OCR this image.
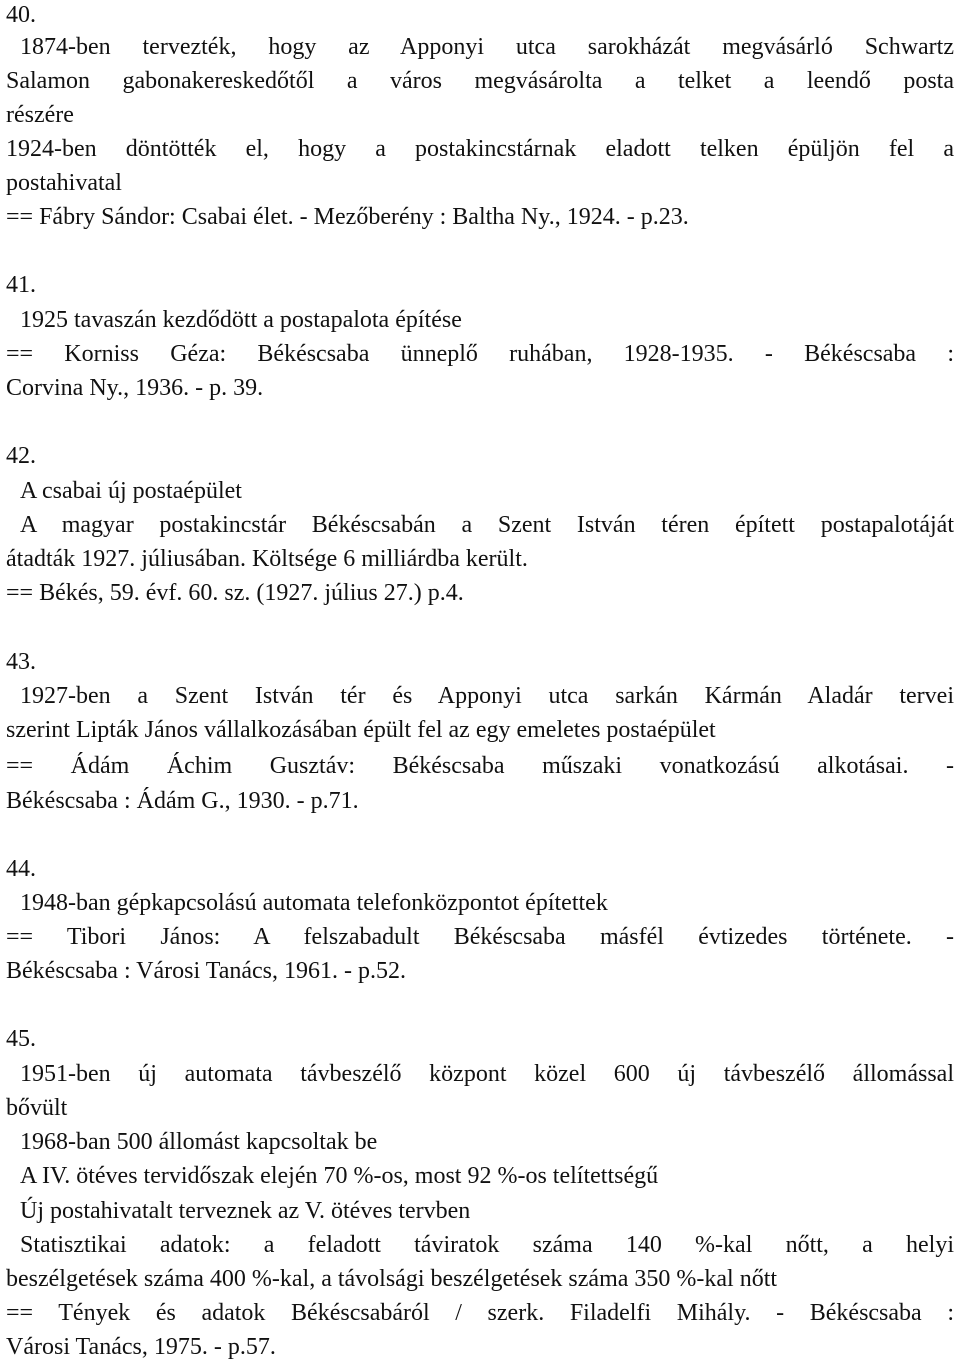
40.
1874-ben tervezték, hogy az Apponyi utca sarokházát megvásárló Schwartz
Salamon gabonakereskedőtől a város megvásárolta a telket a leendő posta
részére
1924-ben döntötték el, hogy a postakincstárnak eladott telken épüljön fel a
postahivatal
== Fábry Sándor: Csabai élet. - Mezőberény : Baltha Ny., 1924. - p.23.
41.
1925 tavaszán kezdődött a postapalota építése
== Korniss Géza: Békéscsaba ünneplő ruhában, 1928-1935. - Békéscsaba :
Corvina Ny., 1936. - p. 39.
42.
A csabai új postaépület
A magyar postakincstár Békéscsabán a Szent István téren épített postapalotáját
átadták 1927. júliusában. Költsége 6 milliárdba került.
== Békés, 59. évf. 60. sz. (1927. július 27.) p.4.
43.
1927-ben a Szent István tér és Apponyi utca sarkán Kármán Aladár tervei
szerint Lipták János vállalkozásában épült fel az egy emeletes postaépület
== Ádám Áchim Gusztáv: Békéscsaba műszaki vonatkozású alkotásai. -
Békéscsaba : Ádám G., 1930. - p.71.
44.
1948-ban gépkapcsolású automata telefonközpontot építettek
== Tibori János: A felszabadult Békéscsaba másfél évtizedes története. -
Békéscsaba : Városi Tanács, 1961. - p.52.
45.
1951-ben új automata távbeszélő központ közel 600 új távbeszélő állomással
bővült
1968-ban 500 állomást kapcsoltak be
A IV. ötéves tervidőszak elején 70 %-os, most 92 %-os telítettségű
Új postahivatalt terveznek az V. ötéves tervben
Statisztikai adatok: a feladott táviratok száma 140 %-kal nőtt, a helyi
beszélgetések száma 400 %-kal, a távolsági beszélgetések száma 350 %-kal nőtt
== Tények és adatok Békéscsabáról / szerk. Filadelfi Mihály. - Békéscsaba :
Városi Tanács, 1975. - p.57.
